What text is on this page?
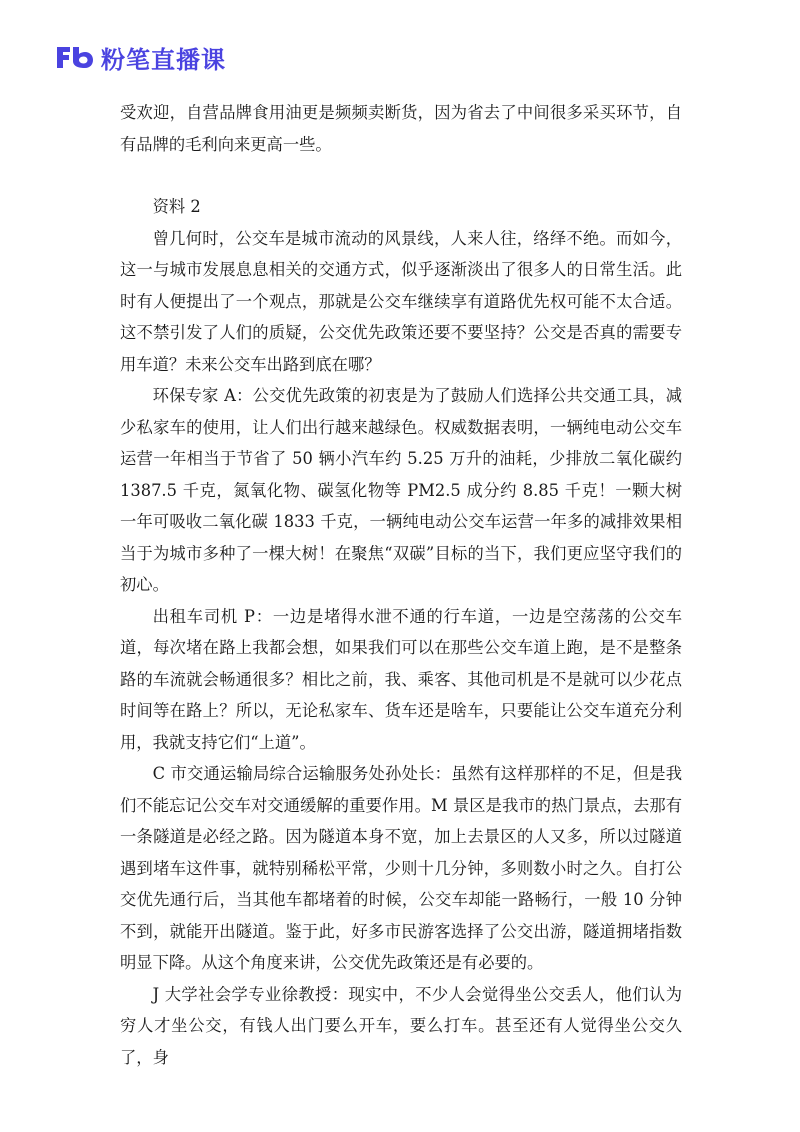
粉笔直播课

受欢迎，自营品牌食用油更是频频卖断货，因为省去了中间很多采买环节，自有品牌的毛利向来更高一些。

资料 2

曾几何时，公交车是城市流动的风景线，人来人往，络绎不绝。而如今，这一与城市发展息息相关的交通方式，似乎逐渐淡出了很多人的日常生活。此时有人便提出了一个观点，那就是公交车继续享有道路优先权可能不太合适。这不禁引发了人们的质疑，公交优先政策还要不要坚持？公交是否真的需要专用车道？未来公交车出路到底在哪？

环保专家 A：公交优先政策的初衷是为了鼓励人们选择公共交通工具，减少私家车的使用，让人们出行越来越绿色。权威数据表明，一辆纯电动公交车运营一年相当于节省了 50 辆小汽车约 5.25 万升的油耗，少排放二氧化碳约 1387.5 千克，氮氧化物、碳氢化物等 PM2.5 成分约 8.85 千克！一颗大树一年可吸收二氧化碳 1833 千克，一辆纯电动公交车运营一年多的减排效果相当于为城市多种了一棵大树！在聚焦“双碳”目标的当下，我们更应坚守我们的初心。

出租车司机 P：一边是堵得水泄不通的行车道，一边是空荡荡的公交车道，每次堵在路上我都会想，如果我们可以在那些公交车道上跑，是不是整条路的车流就会畅通很多？相比之前，我、乘客、其他司机是不是就可以少花点时间等在路上？所以，无论私家车、货车还是啥车，只要能让公交车道充分利用，我就支持它们“上道”。

C 市交通运输局综合运输服务处孙处长：虽然有这样那样的不足，但是我们不能忘记公交车对交通缓解的重要作用。M 景区是我市的热门景点，去那有一条隧道是必经之路。因为隧道本身不宽，加上去景区的人又多，所以过隧道遇到堵车这件事，就特别稀松平常，少则十几分钟，多则数小时之久。自打公交优先通行后，当其他车都堵着的时候，公交车却能一路畅行，一般 10 分钟不到，就能开出隧道。鉴于此，好多市民游客选择了公交出游，隧道拥堵指数明显下降。从这个角度来讲，公交优先政策还是有必要的。

J 大学社会学专业徐教授：现实中，不少人会觉得坐公交丢人，他们认为穷人才坐公交，有钱人出门要么开车，要么打车。甚至还有人觉得坐公交久了，身
